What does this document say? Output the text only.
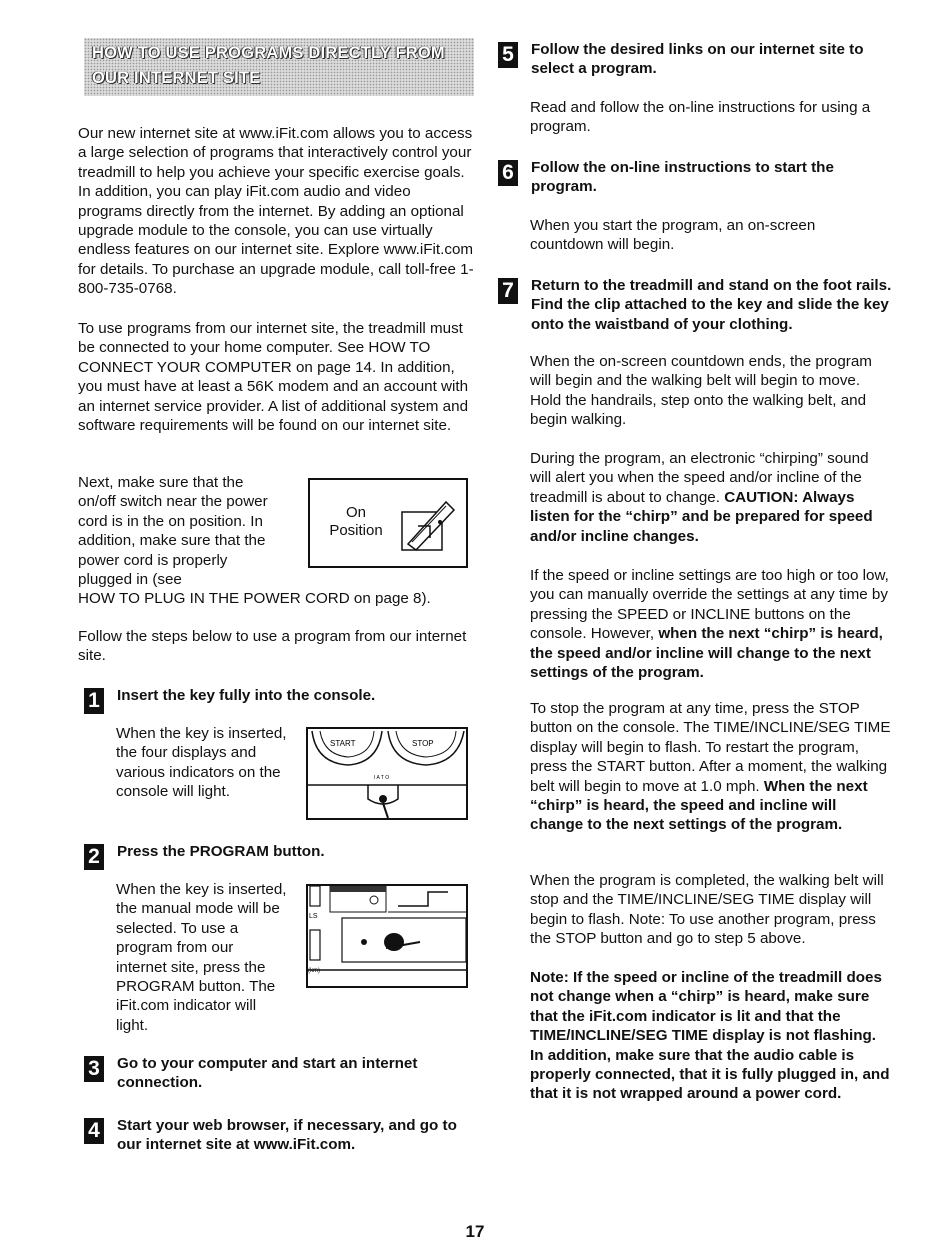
HOW TO USE PROGRAMS DIRECTLY FROM
OUR INTERNET SITE

Our new internet site at www.iFit.com allows you to access a large selection of programs that interactively control your treadmill to help you achieve your specific exercise goals. In addition, you can play iFit.com audio and video programs directly from the internet. By adding an optional upgrade module to the console, you can use virtually endless features on our internet site. Explore www.iFit.com for details. To purchase an upgrade module, call toll-free 1-800-735-0768.

To use programs from our internet site, the treadmill must be connected to your home computer. See HOW TO CONNECT YOUR COMPUTER on page 14. In addition, you must have at least a 56K modem and an account with an internet service provider. A list of additional system and software requirements will be found on our internet site.

Next, make sure that the on/off switch near the power cord is in the on position. In addition, make sure that the power cord is properly plugged in (see

HOW TO PLUG IN THE POWER CORD on page 8).

On
Position

Follow the steps below to use a program from our internet site.

1 Insert the key fully into the console.

When the key is inserted, the four displays and various indicators on the console will light.

START	STOP
I A T O
2 Press the PROGRAM button.

When the key is inserted, the manual mode will be selected. To use a program from our internet site, press the PROGRAM button. The iFit.com indicator will light.

LS
(km)
3 Go to your computer and start an internet connection.
4 Start your web browser, if necessary, and go to our internet site at www.iFit.com.
5 Follow the desired links on our internet site to select a program.

Read and follow the on-line instructions for using a program.

6 Follow the on-line instructions to start the program.

When you start the program, an on-screen countdown will begin.

7 Return to the treadmill and stand on the foot rails. Find the clip attached to the key and slide the key onto the waistband of your clothing.

When the on-screen countdown ends, the program will begin and the walking belt will begin to move. Hold the handrails, step onto the walking belt, and begin walking.

During the program, an electronic “chirping” sound will alert you when the speed and/or incline of the treadmill is about to change. CAUTION: Always listen for the “chirp” and be prepared for speed and/or incline changes.

If the speed or incline settings are too high or too low, you can manually override the settings at any time by pressing the SPEED or INCLINE buttons on the console. However, when the next “chirp” is heard, the speed and/or incline will change to the next settings of the program.

To stop the program at any time, press the STOP button on the console. The TIME/INCLINE/SEG TIME display will begin to flash. To restart the program, press the START button. After a moment, the walking belt will begin to move at 1.0 mph. When the next “chirp” is heard, the speed and incline will change to the next settings of the program.

When the program is completed, the walking belt will stop and the TIME/INCLINE/SEG TIME display will begin to flash. Note: To use another program, press the STOP button and go to step 5 above.

Note: If the speed or incline of the treadmill does not change when a “chirp” is heard, make sure that the iFit.com indicator is lit and that the TIME/INCLINE/SEG TIME display is not flashing. In addition, make sure that the audio cable is properly connected, that it is fully plugged in, and that it is not wrapped around a power cord.

17
